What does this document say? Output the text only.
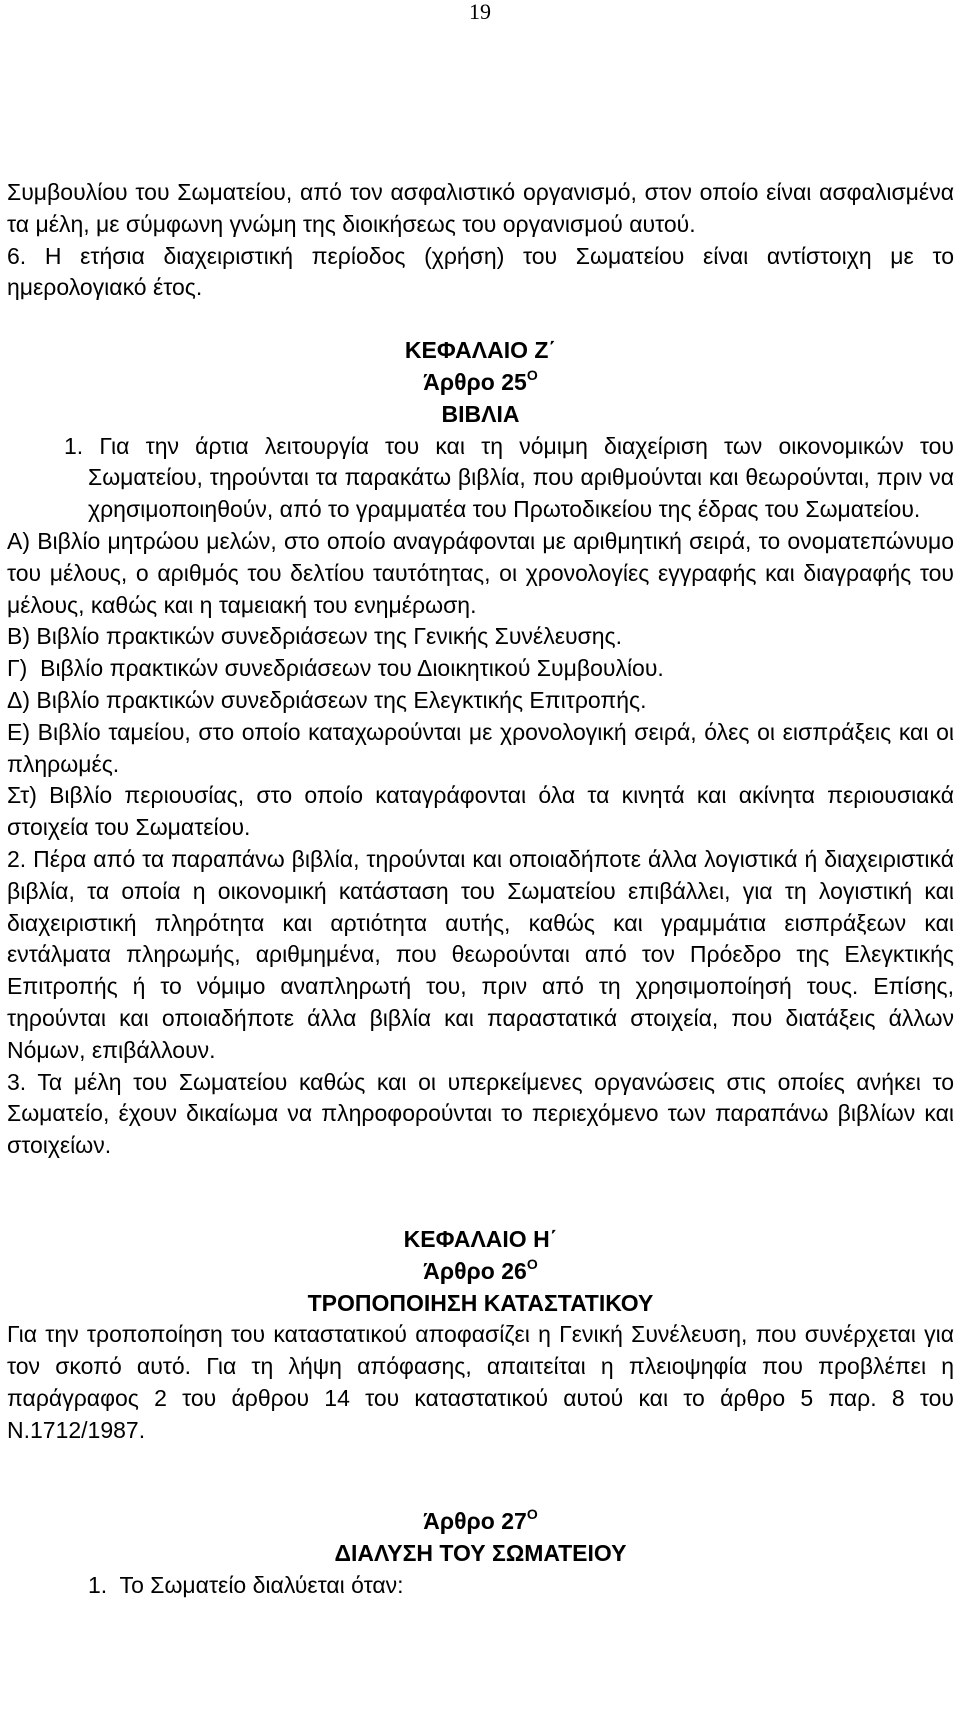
19

Συμβουλίου του Σωματείου, από τον ασφαλιστικό οργανισμό, στον οποίο είναι ασφαλισμένα τα μέλη, με σύμφωνη γνώμη της διοικήσεως του οργανισμού αυτού.

6. Η ετήσια διαχειριστική περίοδος (χρήση) του Σωματείου είναι αντίστοιχη με το ημερολογιακό έτος.

ΚΕΦΑΛΑΙΟ Ζ΄

Άρθρο $25^O$

ΒΙΒΛΙΑ

1. Για την άρτια λειτουργία του και τη νόμιμη διαχείριση των οικονομικών του Σωματείου, τηρούνται τα παρακάτω βιβλία, που αριθμούνται και θεωρούνται, πριν να χρησιμοποιηθούν, από το γραμματέα του Πρωτοδικείου της έδρας του Σωματείου.

Α) Βιβλίο μητρώου μελών, στο οποίο αναγράφονται με αριθμητική σειρά, το ονοματεπώνυμο του μέλους, ο αριθμός του δελτίου ταυτότητας, οι χρονολογίες εγγραφής και διαγραφής του μέλους, καθώς και η ταμειακή του ενημέρωση.

Β) Βιβλίο πρακτικών συνεδριάσεων της Γενικής Συνέλευσης.

Γ)  Βιβλίο πρακτικών συνεδριάσεων του Διοικητικού Συμβουλίου.

Δ) Βιβλίο πρακτικών συνεδριάσεων της Ελεγκτικής Επιτροπής.

Ε) Βιβλίο ταμείου, στο οποίο καταχωρούνται με χρονολογική σειρά, όλες οι εισπράξεις και οι πληρωμές.

Στ) Βιβλίο περιουσίας, στο οποίο καταγράφονται όλα τα κινητά και ακίνητα περιουσιακά στοιχεία του Σωματείου.

2. Πέρα από τα παραπάνω βιβλία, τηρούνται και οποιαδήποτε άλλα λογιστικά ή διαχειριστικά βιβλία, τα οποία η οικονομική κατάσταση του Σωματείου επιβάλλει, για τη λογιστική και διαχειριστική πληρότητα και αρτιότητα αυτής, καθώς και γραμμάτια εισπράξεων και εντάλματα πληρωμής, αριθμημένα, που θεωρούνται από τον Πρόεδρο της Ελεγκτικής Επιτροπής ή το νόμιμο αναπληρωτή του, πριν από τη χρησιμοποίησή τους. Επίσης, τηρούνται και οποιαδήποτε άλλα βιβλία και παραστατικά στοιχεία, που διατάξεις άλλων Νόμων, επιβάλλουν.

3. Τα μέλη του Σωματείου καθώς και οι υπερκείμενες οργανώσεις στις οποίες ανήκει το Σωματείο, έχουν δικαίωμα να πληροφορούνται το περιεχόμενο των παραπάνω βιβλίων και στοιχείων.

ΚΕΦΑΛΑΙΟ Η΄

Άρθρο $26^O$

ΤΡΟΠΟΠΟΙΗΣΗ ΚΑΤΑΣΤΑΤΙΚΟΥ

Για την τροποποίηση του καταστατικού αποφασίζει η Γενική Συνέλευση, που συνέρχεται για τον σκοπό αυτό. Για τη λήψη απόφασης, απαιτείται η πλειοψηφία που προβλέπει η παράγραφος 2 του άρθρου 14 του καταστατικού αυτού και το άρθρο 5 παρ. 8 του Ν.1712/1987.

Άρθρο $27^O$

ΔΙΑΛΥΣΗ ΤΟΥ ΣΩΜΑΤΕΙΟΥ

1.  Το Σωματείο διαλύεται όταν:
